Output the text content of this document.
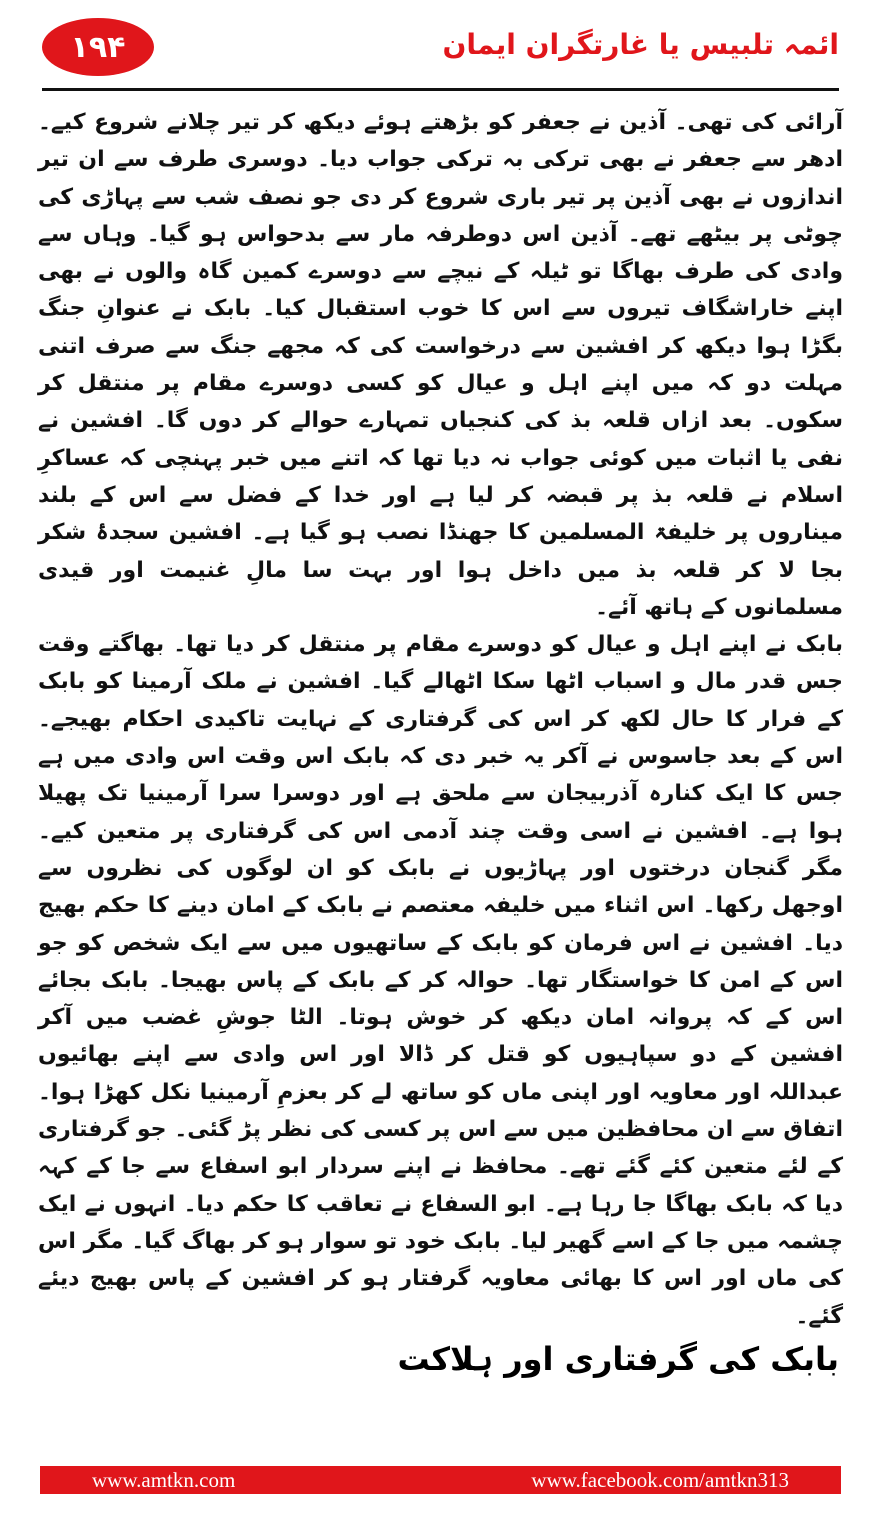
۱۹۴	ائمہ تلبیس یا غارتگران ایمان

آرائی کی تھی۔ آذین نے جعفر کو بڑھتے ہوئے دیکھ کر تیر چلانے شروع کیے۔ ادھر سے جعفر نے بھی ترکی بہ ترکی جواب دیا۔ دوسری طرف سے ان تیر اندازوں نے بھی آذین پر تیر باری شروع کر دی جو نصف شب سے پہاڑی کی چوٹی پر بیٹھے تھے۔ آذین اس دوطرفہ مار سے بدحواس ہو گیا۔ وہاں سے وادی کی طرف بھاگا تو ٹیلہ کے نیچے سے دوسرے کمین گاہ والوں نے بھی اپنے خاراشگاف تیروں سے اس کا خوب استقبال کیا۔ بابک نے عنوانِ جنگ بگڑا ہوا دیکھ کر افشین سے درخواست کی کہ مجھے جنگ سے صرف اتنی مہلت دو کہ میں اپنے اہل و عیال کو کسی دوسرے مقام پر منتقل کر سکوں۔ بعد ازاں قلعہ بذ کی کنجیاں تمہارے حوالے کر دوں گا۔ افشین نے نفی یا اثبات میں کوئی جواب نہ دیا تھا کہ اتنے میں خبر پہنچی کہ عساکرِ اسلام نے قلعہ بذ پر قبضہ کر لیا ہے اور خدا کے فضل سے اس کے بلند میناروں پر خلیفۃ المسلمین کا جھنڈا نصب ہو گیا ہے۔ افشین سجدۂ شکر بجا لا کر قلعہ بذ میں داخل ہوا اور بہت سا مالِ غنیمت اور قیدی مسلمانوں کے ہاتھ آئے۔

بابک نے اپنے اہل و عیال کو دوسرے مقام پر منتقل کر دیا تھا۔ بھاگتے وقت جس قدر مال و اسباب اٹھا سکا اٹھالے گیا۔ افشین نے ملک آرمینا کو بابک کے فرار کا حال لکھ کر اس کی گرفتاری کے نہایت تاکیدی احکام بھیجے۔ اس کے بعد جاسوس نے آکر یہ خبر دی کہ بابک اس وقت اس وادی میں ہے جس کا ایک کنارہ آذربیجان سے ملحق ہے اور دوسرا سرا آرمینیا تک پھیلا ہوا ہے۔ افشین نے اسی وقت چند آدمی اس کی گرفتاری پر متعین کیے۔ مگر گنجان درختوں اور پہاڑیوں نے بابک کو ان لوگوں کی نظروں سے اوجھل رکھا۔ اس اثناء میں خلیفہ معتصم نے بابک کے امان دینے کا حکم بھیج دیا۔ افشین نے اس فرمان کو بابک کے ساتھیوں میں سے ایک شخص کو جو اس کے امن کا خواستگار تھا۔ حوالہ کر کے بابک کے پاس بھیجا۔ بابک بجائے اس کے کہ پروانہ امان دیکھ کر خوش ہوتا۔ الٹا جوشِ غضب میں آکر افشین کے دو سپاہیوں کو قتل کر ڈالا اور اس وادی سے اپنے بھائیوں عبداللہ اور معاویہ اور اپنی ماں کو ساتھ لے کر بعزمِ آرمینیا نکل کھڑا ہوا۔ اتفاق سے ان محافظین میں سے اس پر کسی کی نظر پڑ گئی۔ جو گرفتاری کے لئے متعین کئے گئے تھے۔ محافظ نے اپنے سردار ابو اسفاع سے جا کے کہہ دیا کہ بابک بھاگا جا رہا ہے۔ ابو السفاع نے تعاقب کا حکم دیا۔ انہوں نے ایک چشمہ میں جا کے اسے گھیر لیا۔ بابک خود تو سوار ہو کر بھاگ گیا۔ مگر اس کی ماں اور اس کا بھائی معاویہ گرفتار ہو کر افشین کے پاس بھیج دیئے گئے۔

بابک کی گرفتاری اور ہلاکت
www.amtkn.com	www.facebook.com/amtkn313
